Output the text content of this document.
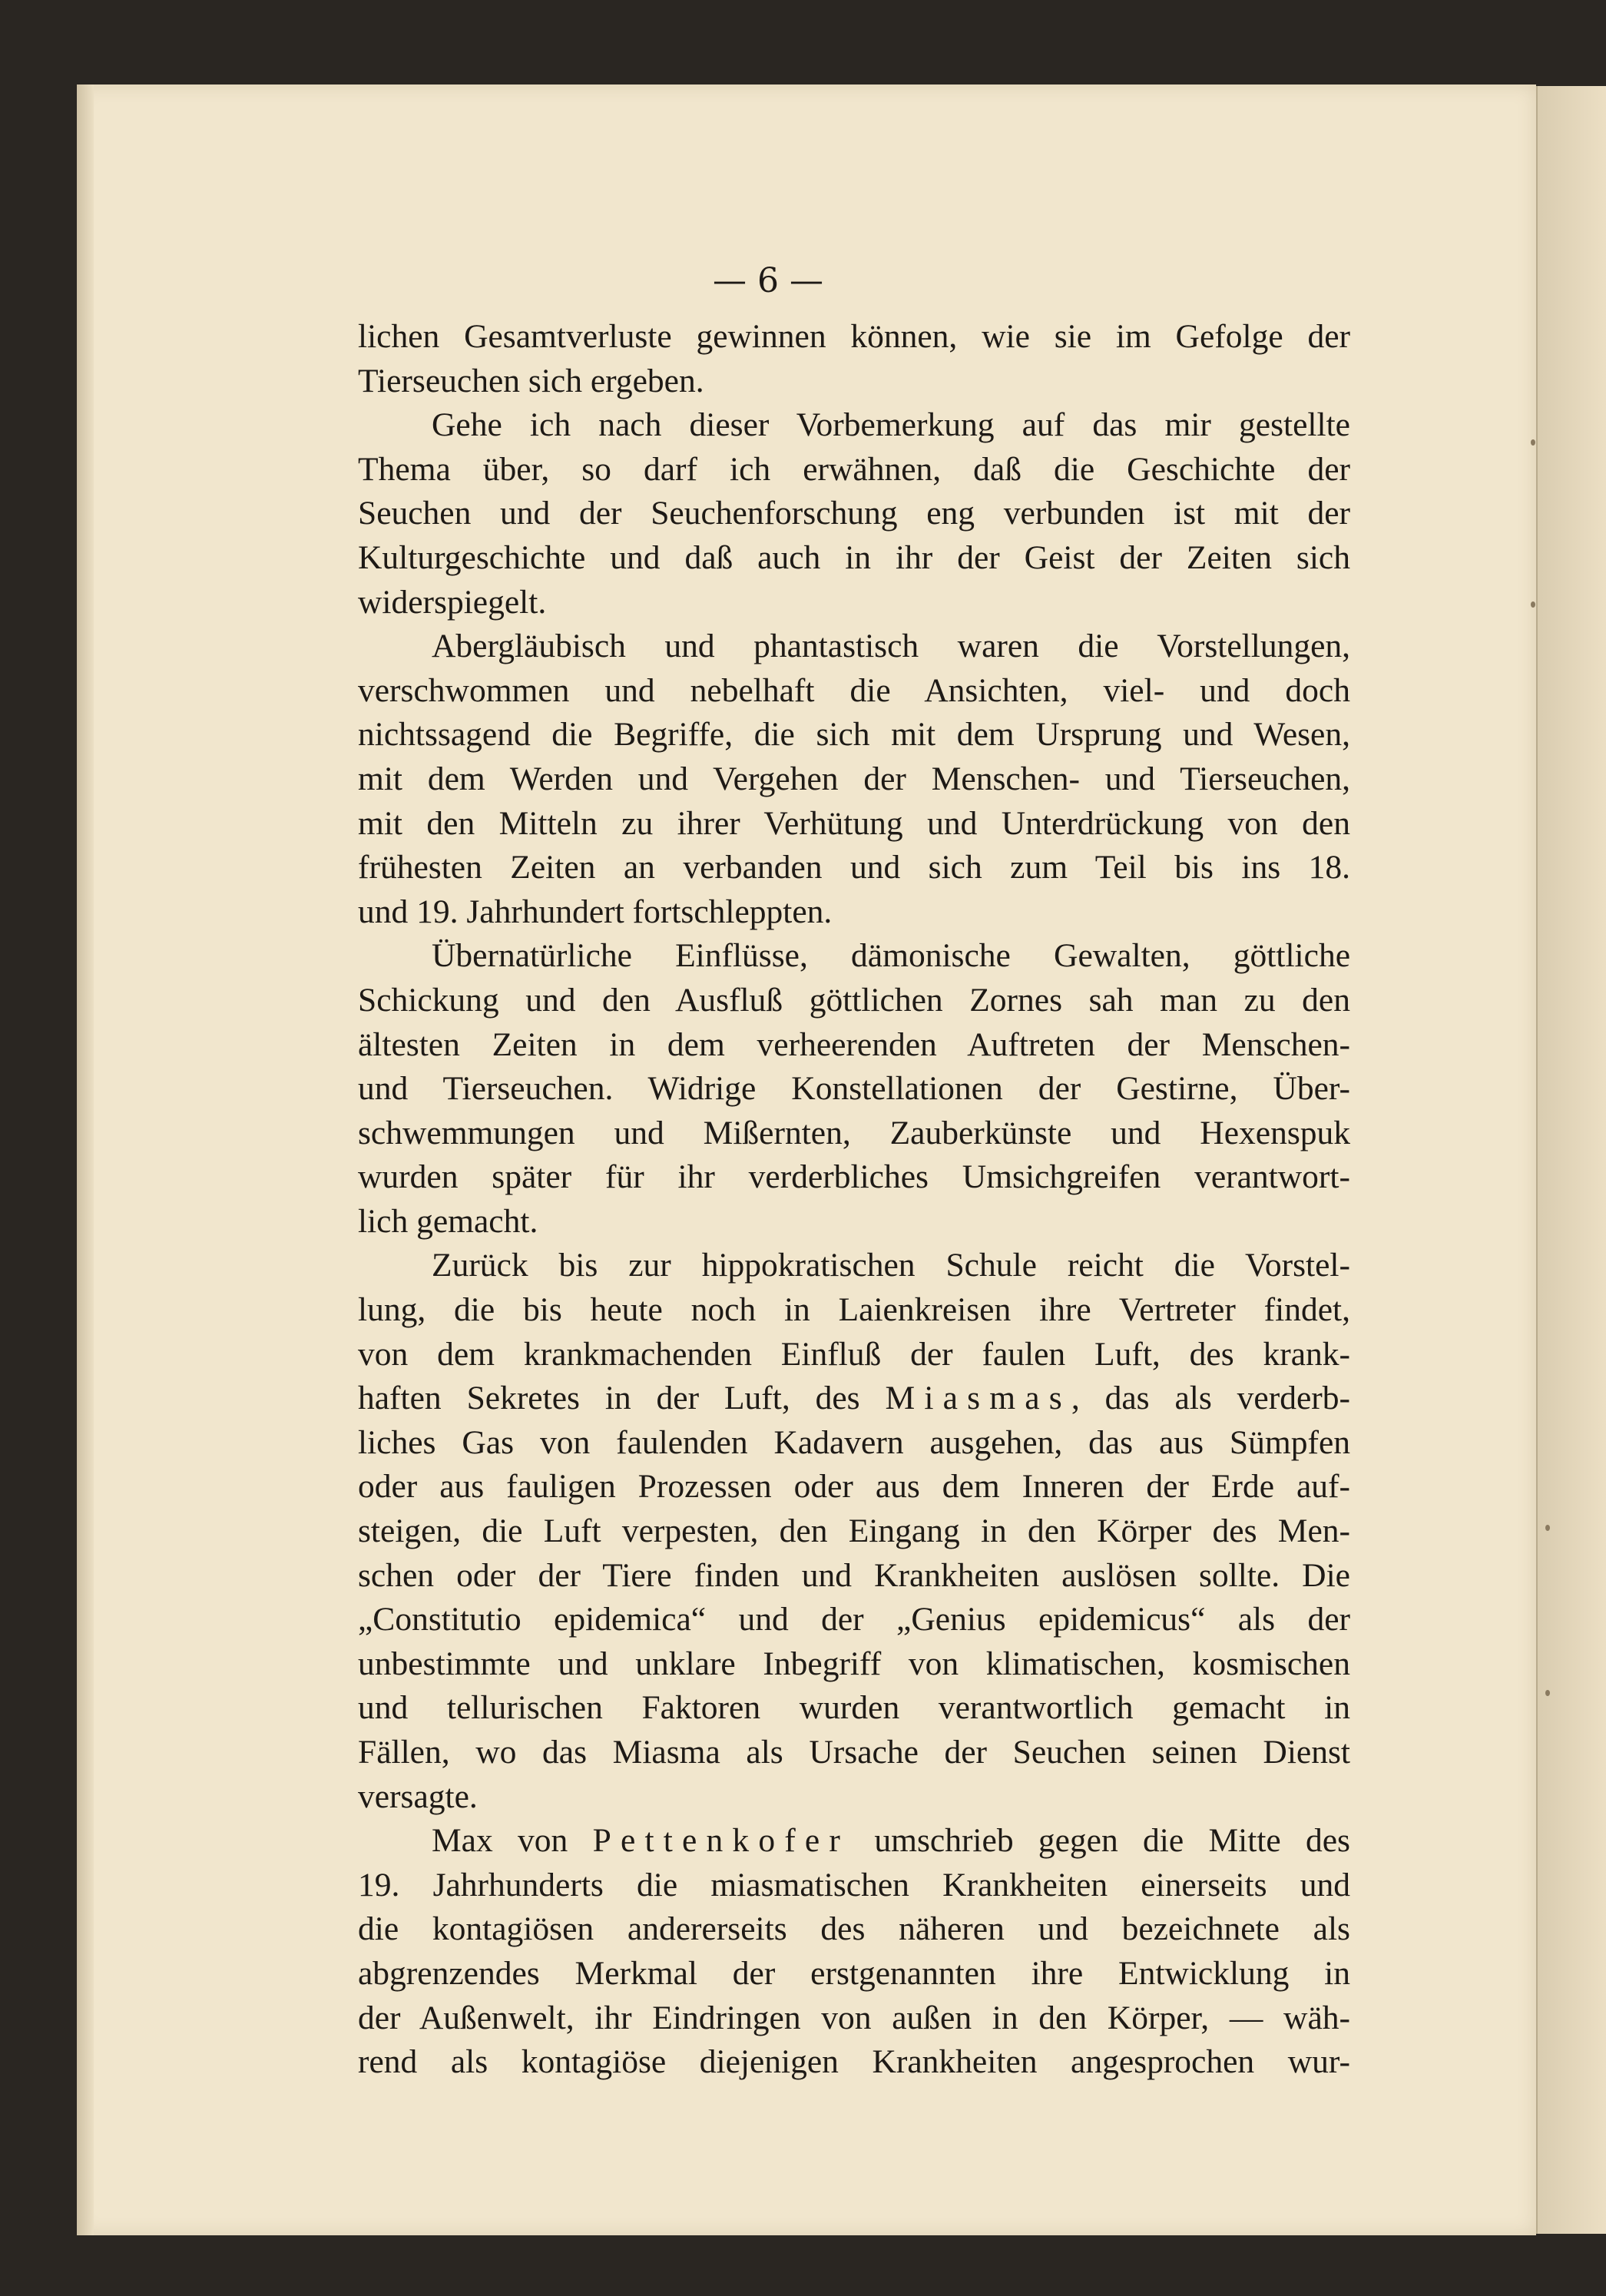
— 6 —
lichen Gesamtverluste gewinnen können, wie sie im Gefolge der
Tierseuchen sich ergeben.
Gehe ich nach dieser Vorbemerkung auf das mir gestellte
Thema über, so darf ich erwähnen, daß die Geschichte der
Seuchen und der Seuchenforschung eng verbunden ist mit der
Kulturgeschichte und daß auch in ihr der Geist der Zeiten sich
widerspiegelt.
Abergläubisch und phantastisch waren die Vorstellungen,
verschwommen und nebelhaft die Ansichten, viel- und doch
nichtssagend die Begriffe, die sich mit dem Ursprung und Wesen,
mit dem Werden und Vergehen der Menschen- und Tierseuchen,
mit den Mitteln zu ihrer Verhütung und Unterdrückung von den
frühesten Zeiten an verbanden und sich zum Teil bis ins 18.
und 19. Jahrhundert fortschleppten.
Übernatürliche Einflüsse, dämonische Gewalten, göttliche
Schickung und den Ausfluß göttlichen Zornes sah man zu den
ältesten Zeiten in dem verheerenden Auftreten der Menschen-
und Tierseuchen. Widrige Konstellationen der Gestirne, Über-
schwemmungen und Mißernten, Zauberkünste und Hexenspuk
wurden später für ihr verderbliches Umsichgreifen verantwort-
lich gemacht.
Zurück bis zur hippokratischen Schule reicht die Vorstel-
lung, die bis heute noch in Laienkreisen ihre Vertreter findet,
von dem krankmachenden Einfluß der faulen Luft, des krank-
haften Sekretes in der Luft, des Miasmas, das als verderb-
liches Gas von faulenden Kadavern ausgehen, das aus Sümpfen
oder aus fauligen Prozessen oder aus dem Inneren der Erde auf-
steigen, die Luft verpesten, den Eingang in den Körper des Men-
schen oder der Tiere finden und Krankheiten auslösen sollte. Die
„Constitutio epidemica“ und der „Genius epidemicus“ als der
unbestimmte und unklare Inbegriff von klimatischen, kosmischen
und tellurischen Faktoren wurden verantwortlich gemacht in
Fällen, wo das Miasma als Ursache der Seuchen seinen Dienst
versagte.
Max von Pettenkofer umschrieb gegen die Mitte des
19. Jahrhunderts die miasmatischen Krankheiten einerseits und
die kontagiösen andererseits des näheren und bezeichnete als
abgrenzendes Merkmal der erstgenannten ihre Entwicklung in
der Außenwelt, ihr Eindringen von außen in den Körper, — wäh-
rend als kontagiöse diejenigen Krankheiten angesprochen wur-
